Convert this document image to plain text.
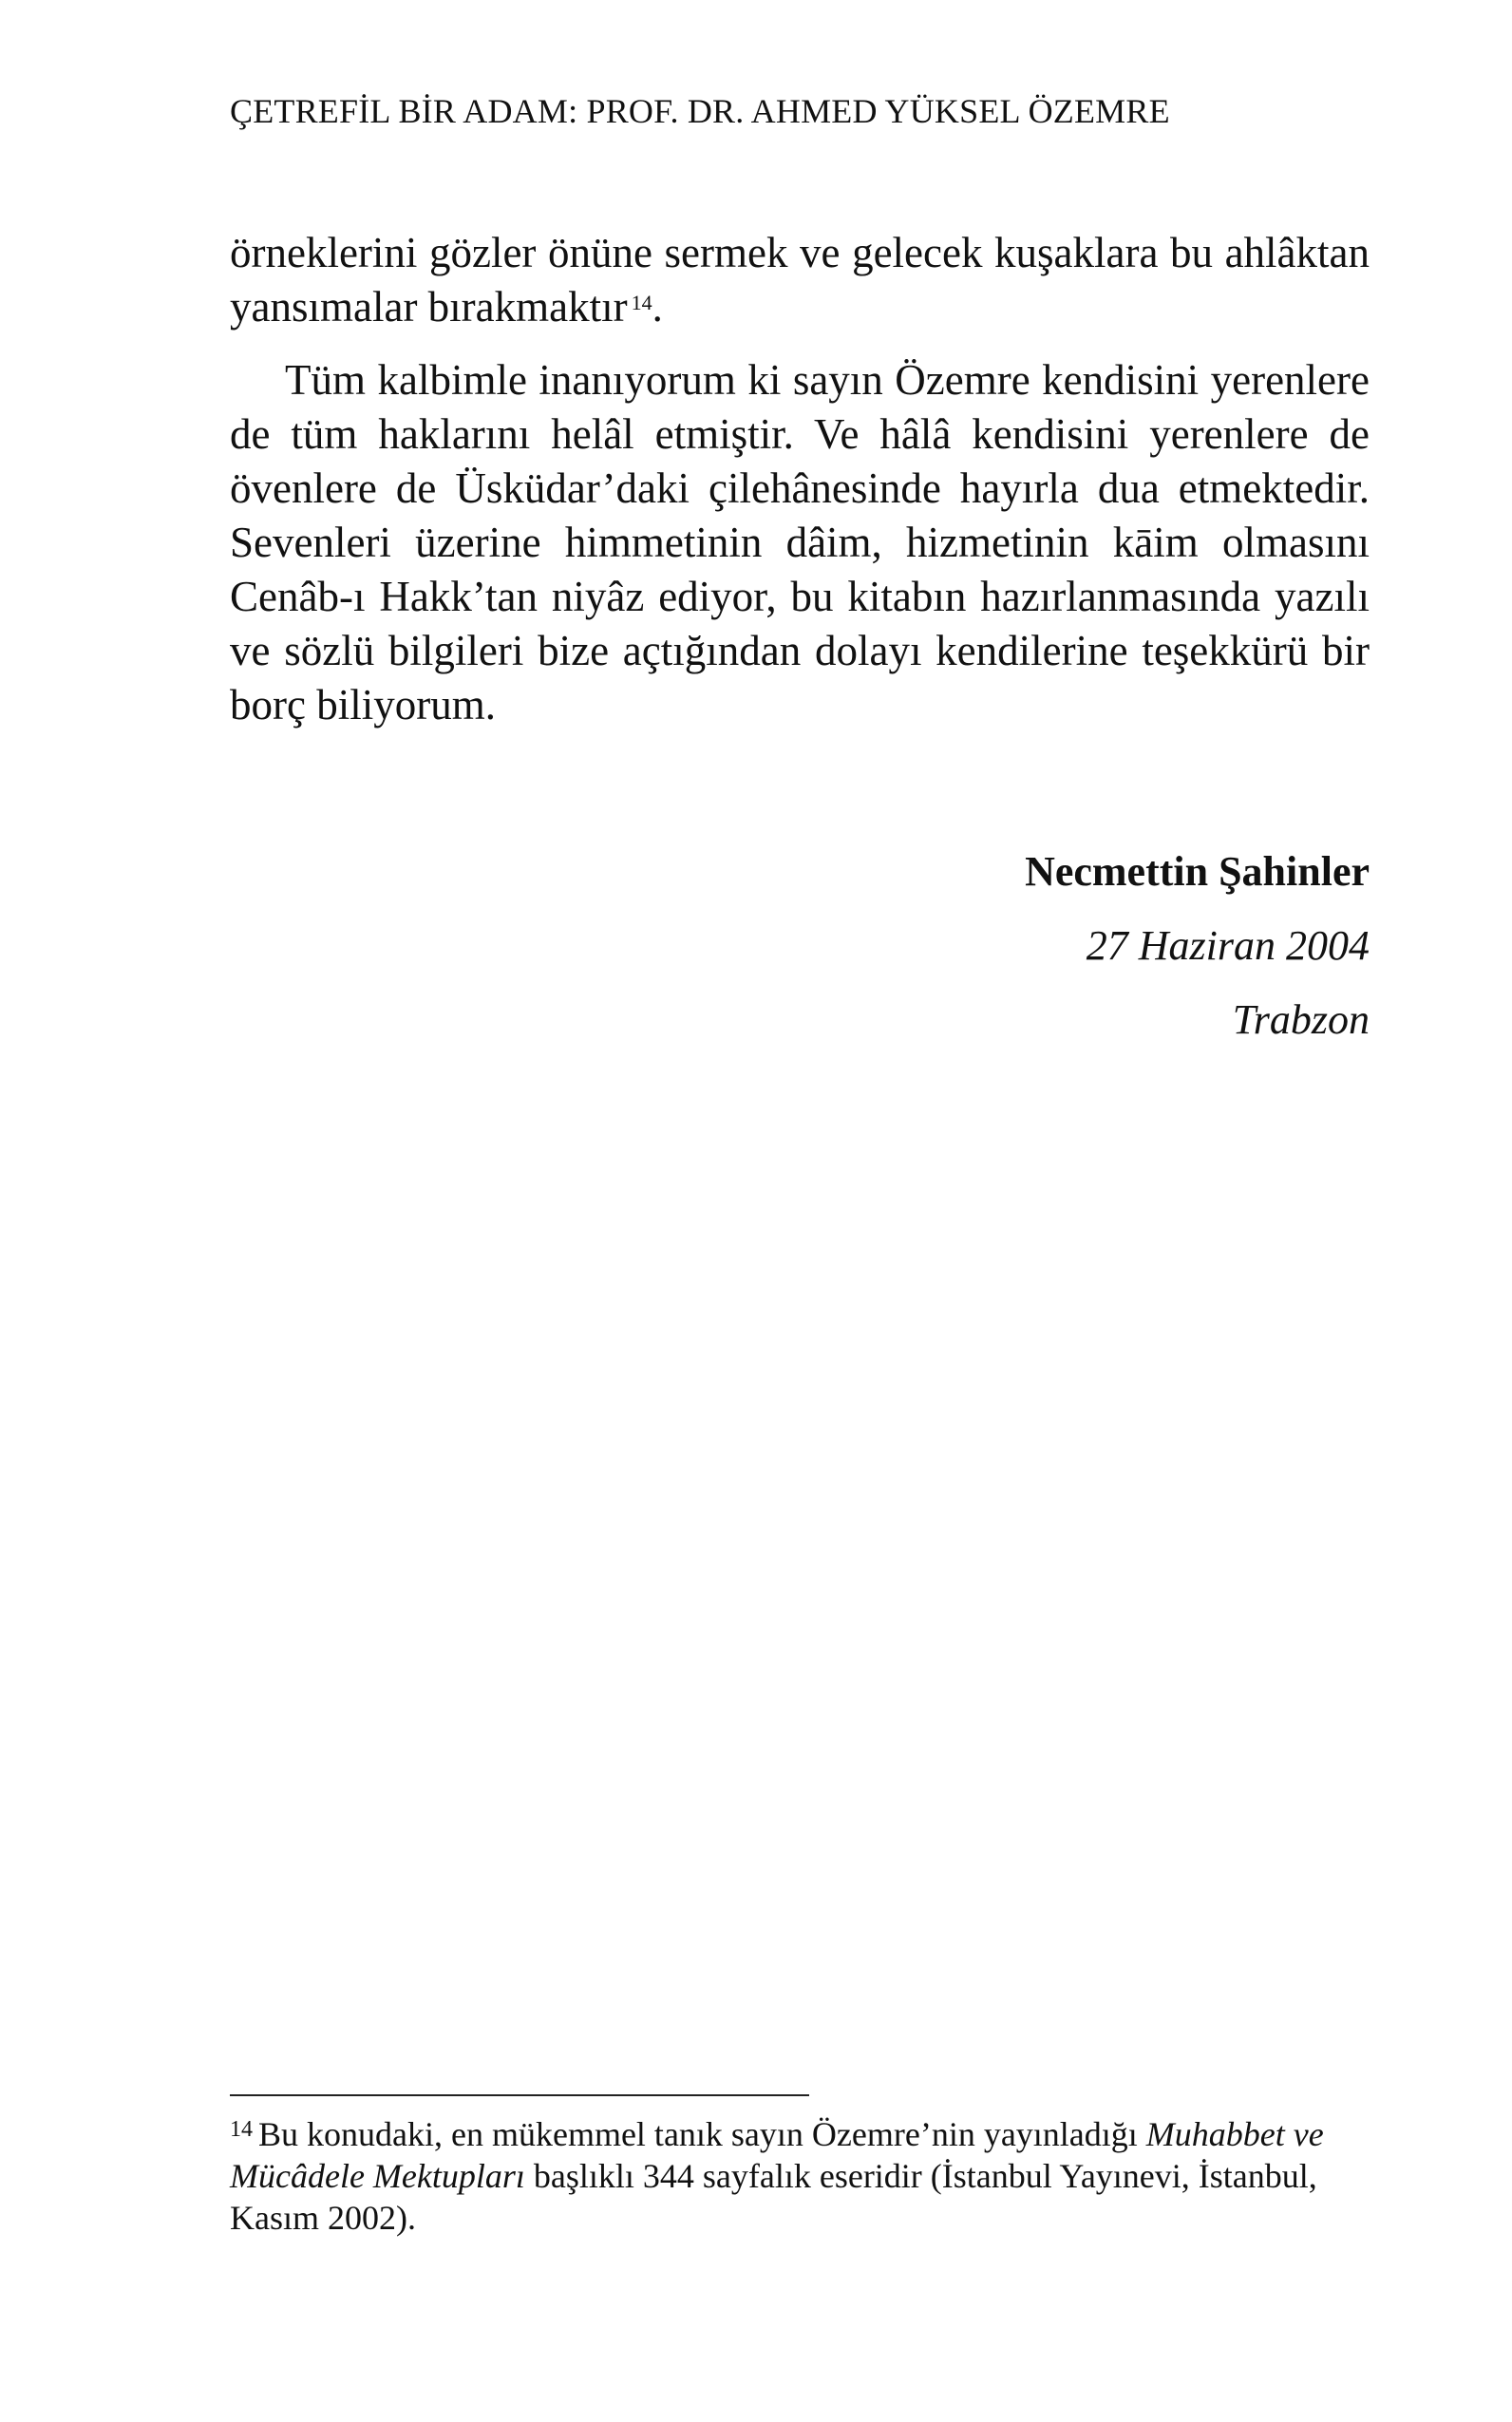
ÇETREFİL BİR ADAM: PROF. DR. AHMED YÜKSEL ÖZEMRE

örneklerini gözler önüne sermek ve gelecek kuşaklara bu ahlâktan yansımalar bırakmaktır $^{14}$.

Tüm kalbimle inanıyorum ki sayın Özemre kendisini yerenlere de tüm haklarını helâl etmiştir. Ve hâlâ kendisini yerenlere de övenlere de Üsküdar’daki çilehânesinde hayırla dua etmektedir. Sevenleri üzerine himmetinin dâim, hizmetinin kāim olmasını Cenâb-ı Hakk’tan niyâz ediyor, bu kitabın hazırlanmasında yazılı ve sözlü bilgileri bize açtığından dolayı kendilerine teşekkürü bir borç biliyorum.

Necmettin Şahinler
27 Haziran 2004
Trabzon
$^{14}$ Bu konudaki, en mükemmel tanık sayın Özemre’nin yayınladığı Muhabbet ve Mücâdele Mektupları başlıklı 344 sayfalık eseridir (İstanbul Yayınevi, İstanbul, Kasım 2002).
